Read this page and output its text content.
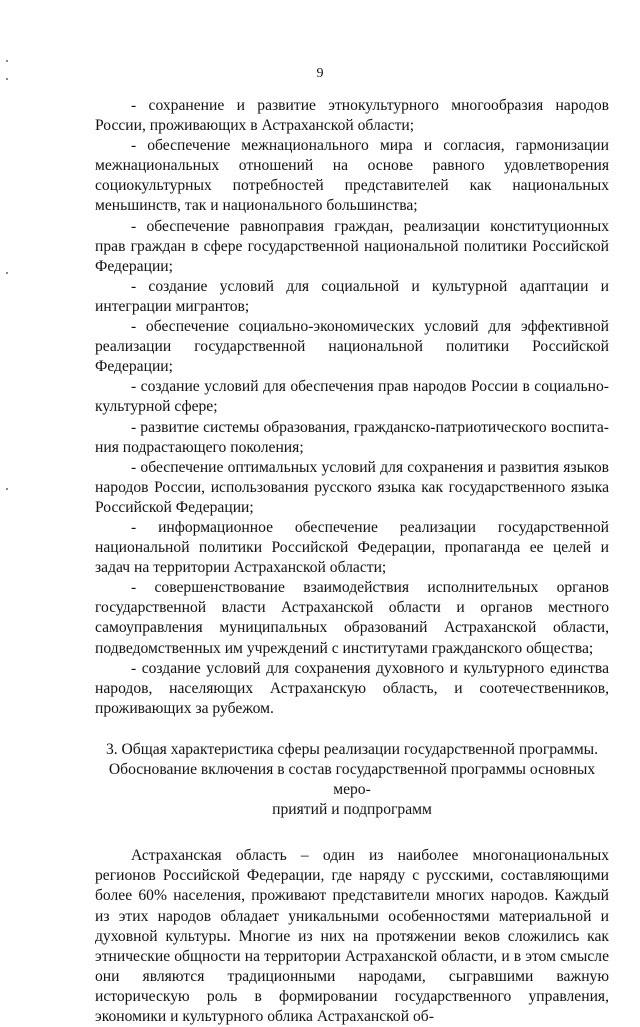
9

- сохранение и развитие этнокультурного многообразия народов России, проживающих в Астраханской области;

- обеспечение межнационального мира и согласия, гармонизации межнациональных отношений на основе равного удовлетворения социокультурных потребностей представителей как национальных меньшинств, так и национального большинства;

- обеспечение равноправия граждан, реализации конституционных прав граждан в сфере государственной национальной политики Российской Федерации;

- создание условий для социальной и культурной адаптации и интеграции мигрантов;

- обеспечение социально-экономических условий для эффективной реализации государственной национальной политики Российской Федерации;

- создание условий для обеспечения прав народов России в социально-культурной сфере;

- развитие системы образования, гражданско-патриотического воспитания подрастающего поколения;

- обеспечение оптимальных условий для сохранения и развития языков народов России, использования русского языка как государственного языка Российской Федерации;

- информационное обеспечение реализации государственной национальной политики Российской Федерации, пропаганда ее целей и задач на территории Астраханской области;

- совершенствование взаимодействия исполнительных органов государственной власти Астраханской области и органов местного самоуправления муниципальных образований Астраханской области, подведомственных им учреждений с институтами гражданского общества;

- создание условий для сохранения духовного и культурного единства народов, населяющих Астраханскую область, и соотечественников, проживающих за рубежом.

3. Общая характеристика сферы реализации государственной программы.
Обоснование включения в состав государственной программы основных меро-
приятий и подпрограмм

Астраханская область – один из наиболее многонациональных регионов Российской Федерации, где наряду с русскими, составляющими более 60% населения, проживают представители многих народов. Каждый из этих народов обладает уникальными особенностями материальной и духовной культуры. Многие из них на протяжении веков сложились как этнические общности на территории Астраханской области, и в этом смысле они являются традиционными народами, сыгравшими важную историческую роль в формировании государственного управления, экономики и культурного облика Астраханской об-
